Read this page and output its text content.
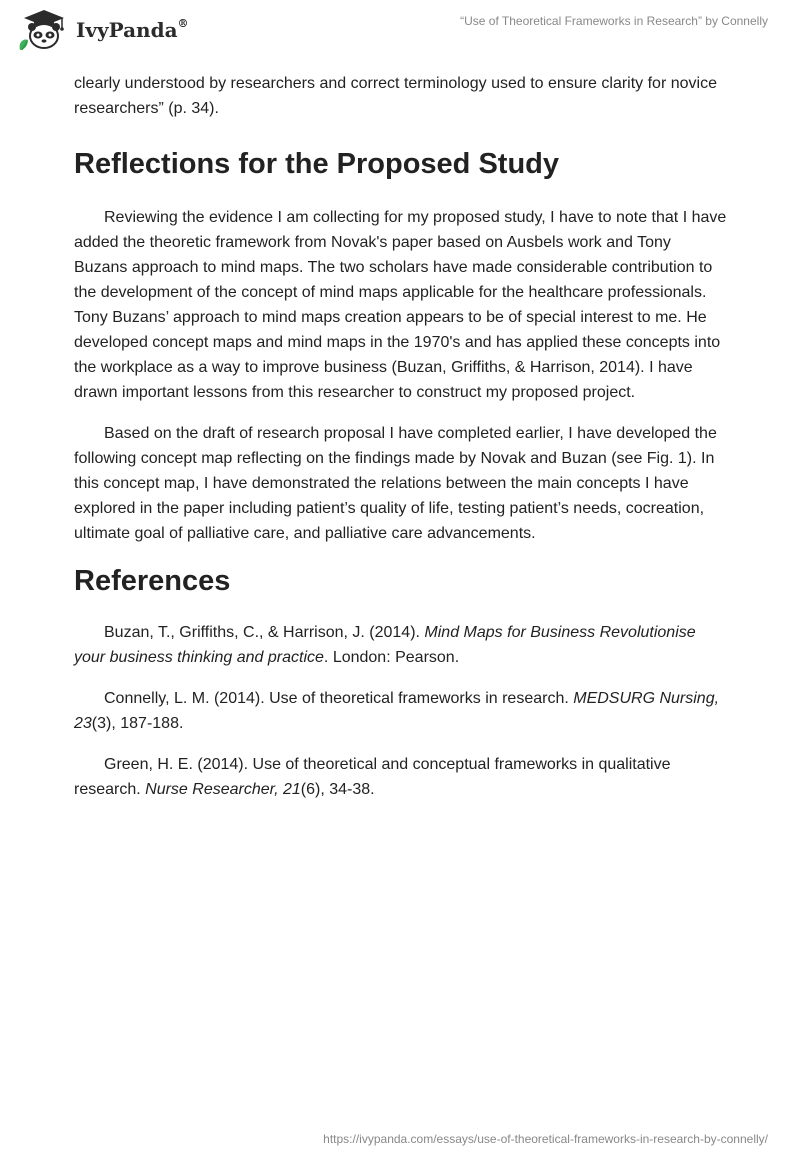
IvyPanda®	“Use of Theoretical Frameworks in Research” by Connelly

clearly understood by researchers and correct terminology used to ensure clarity for novice researchers” (p. 34).

Reflections for the Proposed Study

Reviewing the evidence I am collecting for my proposed study, I have to note that I have added the theoretic framework from Novak's paper based on Ausbels work and Tony Buzans approach to mind maps. The two scholars have made considerable contribution to the development of the concept of mind maps applicable for the healthcare professionals. Tony Buzans’ approach to mind maps creation appears to be of special interest to me. He developed concept maps and mind maps in the 1970's and has applied these concepts into the workplace as a way to improve business (Buzan, Griffiths, & Harrison, 2014). I have drawn important lessons from this researcher to construct my proposed project.

Based on the draft of research proposal I have completed earlier, I have developed the following concept map reflecting on the findings made by Novak and Buzan (see Fig. 1). In this concept map, I have demonstrated the relations between the main concepts I have explored in the paper including patient’s quality of life, testing patient’s needs, cocreation, ultimate goal of palliative care, and palliative care advancements.

References

Buzan, T., Griffiths, C., & Harrison, J. (2014). Mind Maps for Business Revolutionise your business thinking and practice. London: Pearson.

Connelly, L. M. (2014). Use of theoretical frameworks in research. MEDSURG Nursing, 23(3), 187-188.

Green, H. E. (2014). Use of theoretical and conceptual frameworks in qualitative research. Nurse Researcher, 21(6), 34-38.

https://ivypanda.com/essays/use-of-theoretical-frameworks-in-research-by-connelly/
